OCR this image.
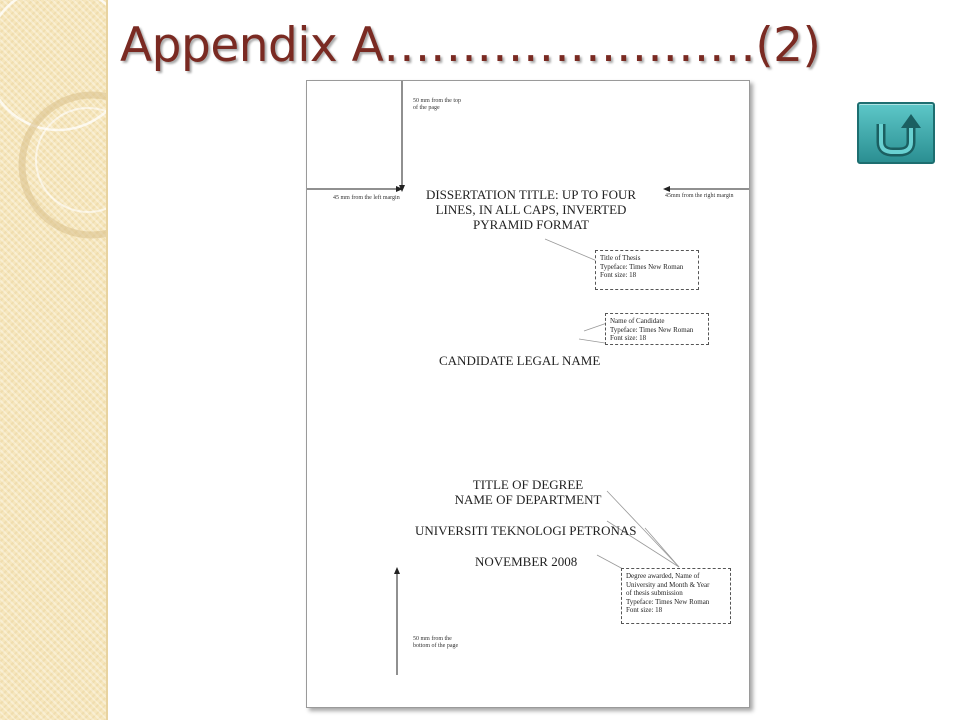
Appendix A……………………(2)
50 mm from the top
of the page
45 mm from the left margin	45mm from the right margin
DISSERTATION TITLE: UP TO FOUR
LINES, IN ALL CAPS, INVERTED
PYRAMID FORMAT
Title of Thesis
Typeface: Times New Roman
Font size: 18
Name of Candidate
Typeface: Times New Roman
Font size: 18
CANDIDATE LEGAL NAME
TITLE OF DEGREE
NAME OF DEPARTMENT
UNIVERSITI TEKNOLOGI PETRONAS
NOVEMBER 2008
Degree awarded, Name of
University and Month & Year
of thesis submission
Typeface: Times New Roman
Font size: 18
50 mm from the
bottom of the page
